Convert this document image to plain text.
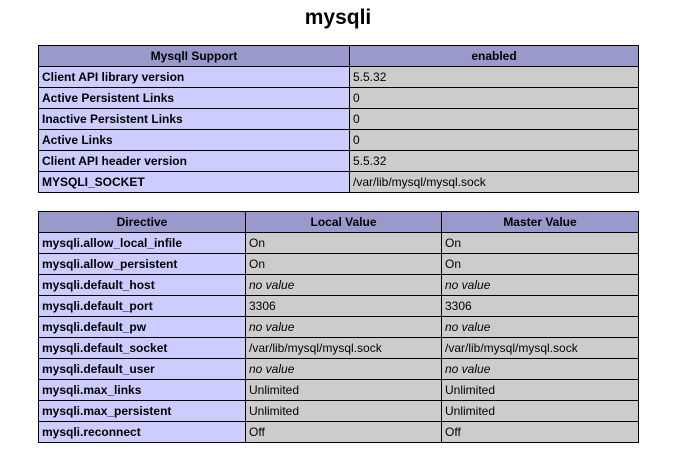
mysqli
MysqlI Support	enabled
Client API library version	5.5.32
Active Persistent Links	0
Inactive Persistent Links	0
Active Links	0
Client API header version	5.5.32
MYSQLI_SOCKET	/var/lib/mysql/mysql.sock
Directive	Local Value	Master Value
mysqli.allow_local_infile	On	On
mysqli.allow_persistent	On	On
mysqli.default_host	no value	no value
mysqli.default_port	3306	3306
mysqli.default_pw	no value	no value
mysqli.default_socket	/var/lib/mysql/mysql.sock	/var/lib/mysql/mysql.sock
mysqli.default_user	no value	no value
mysqli.max_links	Unlimited	Unlimited
mysqli.max_persistent	Unlimited	Unlimited
mysqli.reconnect	Off	Off
